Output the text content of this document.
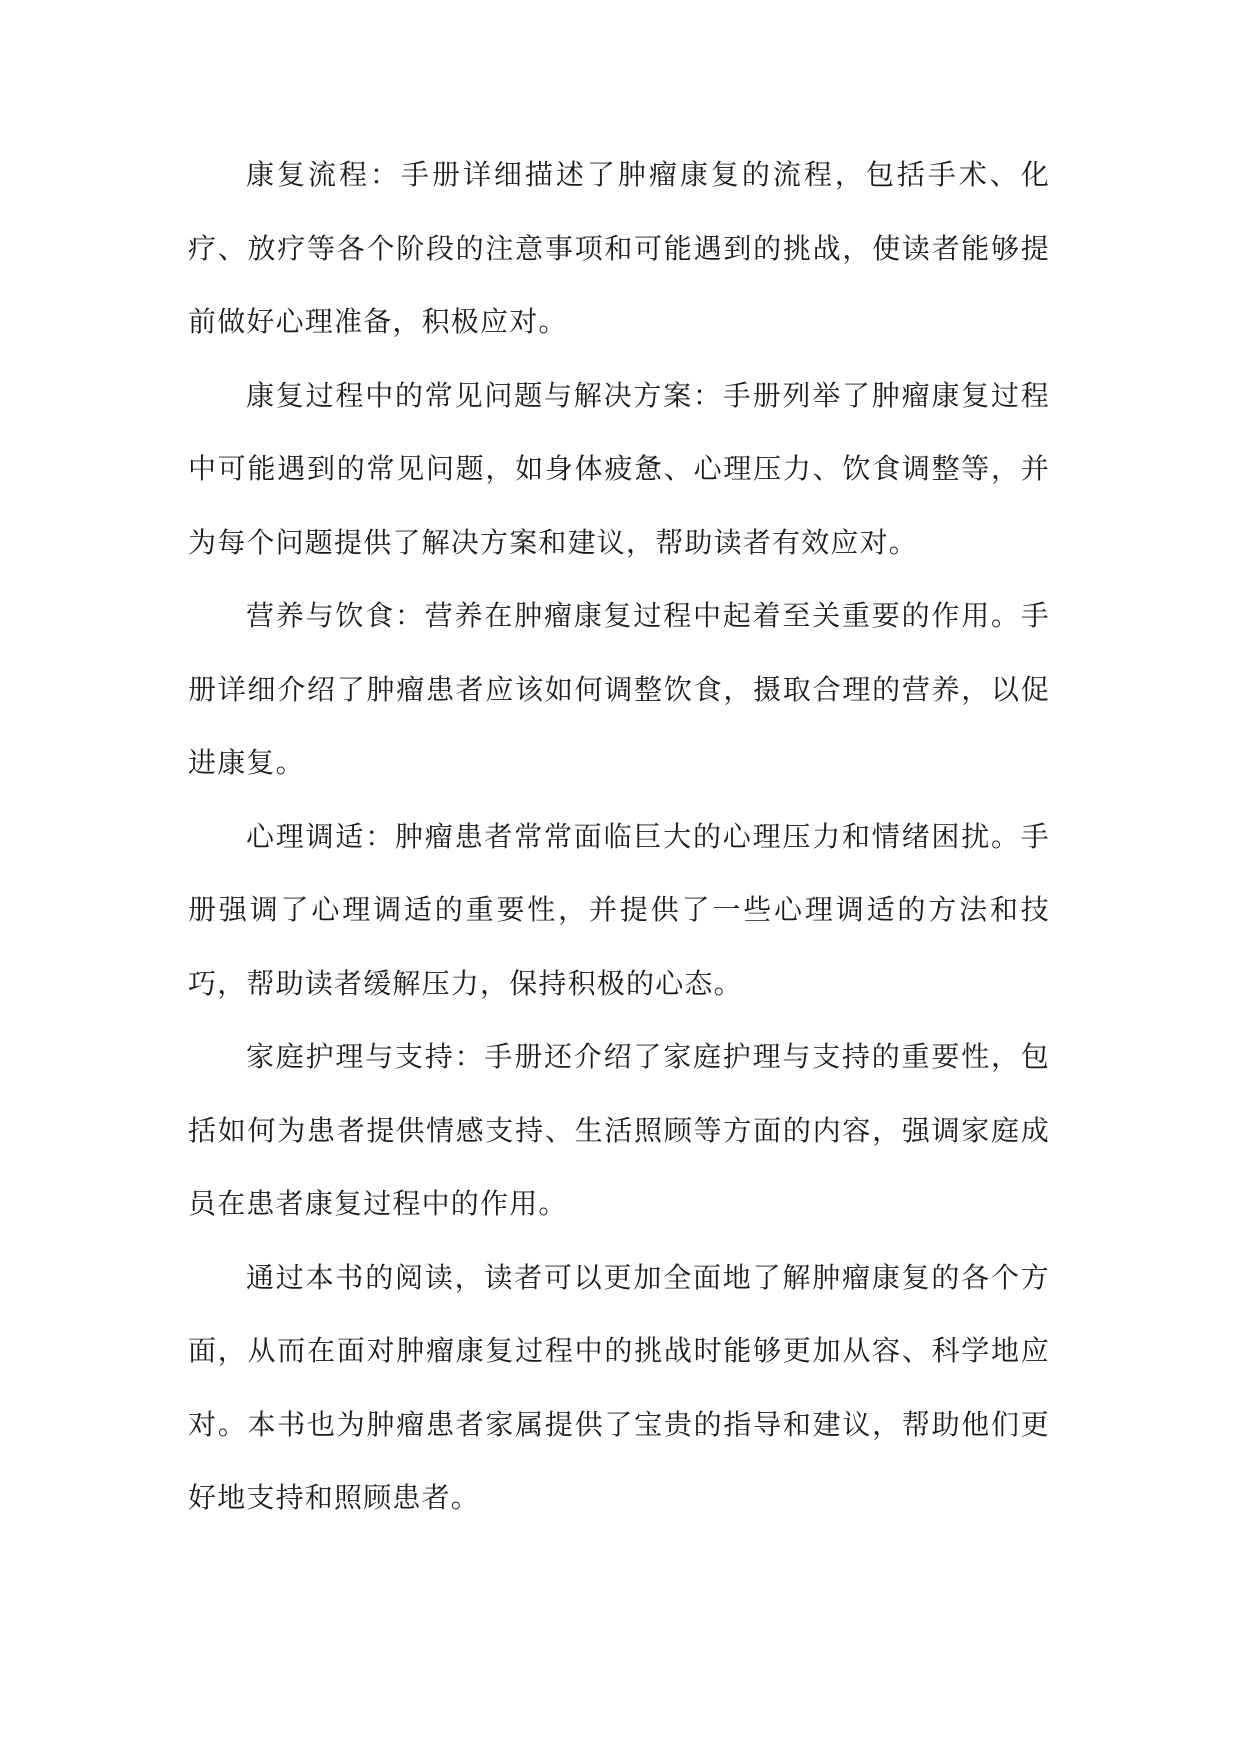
康复流程：手册详细描述了肿瘤康复的流程，包括手术、化疗、放疗等各个阶段的注意事项和可能遇到的挑战，使读者能够提前做好心理准备，积极应对。

康复过程中的常见问题与解决方案：手册列举了肿瘤康复过程中可能遇到的常见问题，如身体疲惫、心理压力、饮食调整等，并为每个问题提供了解决方案和建议，帮助读者有效应对。

营养与饮食：营养在肿瘤康复过程中起着至关重要的作用。手册详细介绍了肿瘤患者应该如何调整饮食，摄取合理的营养，以促进康复。

心理调适：肿瘤患者常常面临巨大的心理压力和情绪困扰。手册强调了心理调适的重要性，并提供了一些心理调适的方法和技巧，帮助读者缓解压力，保持积极的心态。

家庭护理与支持：手册还介绍了家庭护理与支持的重要性，包括如何为患者提供情感支持、生活照顾等方面的内容，强调家庭成员在患者康复过程中的作用。

通过本书的阅读，读者可以更加全面地了解肿瘤康复的各个方面，从而在面对肿瘤康复过程中的挑战时能够更加从容、科学地应对。本书也为肿瘤患者家属提供了宝贵的指导和建议，帮助他们更好地支持和照顾患者。
